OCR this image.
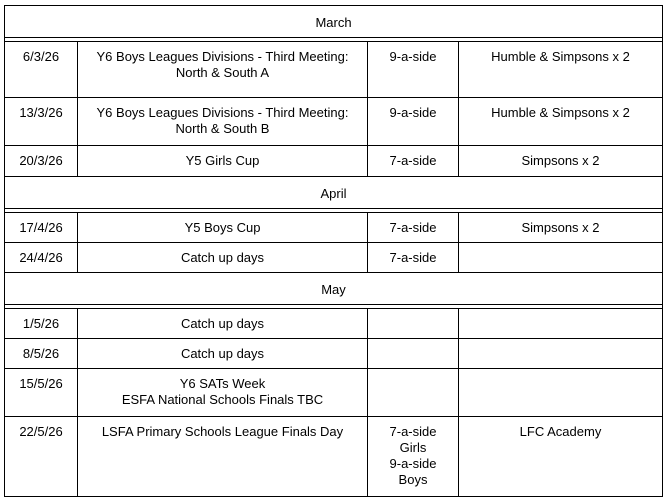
March			

6/3/26	Y6 Boys Leagues Divisions - Third Meeting:
North & South A	9-a-side	Humble & Simpsons x 2
13/3/26	Y6 Boys Leagues Divisions - Third Meeting:
North & South B	9-a-side	Humble & Simpsons x 2
20/3/26	Y5 Girls Cup	7-a-side	Simpsons x 2
April			

17/4/26	Y5 Boys Cup	7-a-side	Simpsons x 2
24/4/26	Catch up days	7-a-side	

May			

1/5/26	Catch up days		

8/5/26	Catch up days		

15/5/26	Y6 SATs Week
ESFA National Schools Finals TBC		

22/5/26	LSFA Primary Schools League Finals Day	7-a-side
Girls
9-a-side
Boys	LFC Academy
